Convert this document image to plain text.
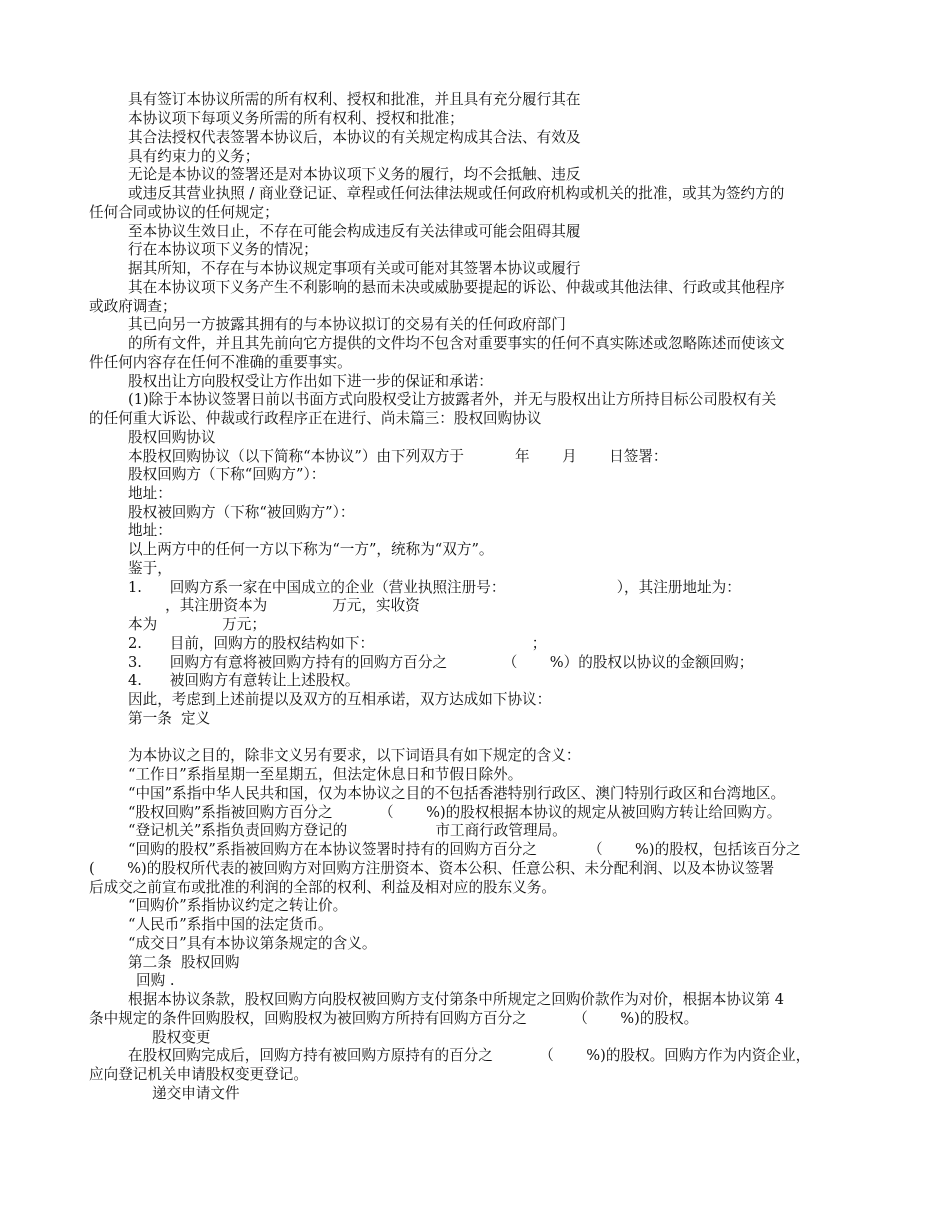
具有签订本协议所需的所有权利、授权和批准，并且具有充分履行其在
本协议项下每项义务所需的所有权利、授权和批准；
其合法授权代表签署本协议后，本协议的有关规定构成其合法、有效及
具有约束力的义务；
无论是本协议的签署还是对本协议项下义务的履行，均不会抵触、违反
或违反其营业执照 / 商业登记证、章程或任何法律法规或任何政府机构或机关的批准，或其为签约方的
任何合同或协议的任何规定；
至本协议生效日止，不存在可能会构成违反有关法律或可能会阻碍其履
行在本协议项下义务的情况；
据其所知，不存在与本协议规定事项有关或可能对其签署本协议或履行
其在本协议项下义务产生不利影响的悬而未决或威胁要提起的诉讼、仲裁或其他法律、行政或其他程序
或政府调查；
其已向另一方披露其拥有的与本协议拟订的交易有关的任何政府部门
的所有文件，并且其先前向它方提供的文件均不包含对重要事实的任何不真实陈述或忽略陈述而使该文
件任何内容存在任何不准确的重要事实。
股权出让方向股权受让方作出如下进一步的保证和承诺：
(1)除于本协议签署日前以书面方式向股权受让方披露者外，并无与股权出让方所持目标公司股权有关
的任何重大诉讼、仲裁或行政程序正在进行、尚未篇三：股权回购协议
股权回购协议
本股权回购协议（以下简称“本协议”）由下列双方于           年       月       日签署：
股权回购方（下称“回购方”）：
地址：
股权被回购方（下称“被回购方”）：
地址：
以上两方中的任何一方以下称为“一方”，统称为“双方”。
鉴于，
1.      回购方系一家在中国成立的企业（营业执照注册号：                        ），其注册地址为：
，其注册资本为              万元，实收资
本为              万元；
2.      目前，回购方的股权结构如下：                                  ；
3.      回购方有意将被回购方持有的回购方百分之            （       %）的股权以协议的金额回购；
4.      被回购方有意转让上述股权。
因此，考虑到上述前提以及双方的互相承诺，双方达成如下协议：
第一条  定义
为本协议之目的，除非文义另有要求，以下词语具有如下规定的含义：
“工作日”系指星期一至星期五，但法定休息日和节假日除外。
“中国”系指中华人民共和国，仅为本协议之目的不包括香港特别行政区、澳门特别行政区和台湾地区。
“股权回购”系指被回购方百分之          （       %)的股权根据本协议的规定从被回购方转让给回购方。
“登记机关”系指负责回购方登记的                   市工商行政管理局。
“回购的股权”系指被回购方在本协议签署时持有的回购方百分之           （       %)的股权，包括该百分之
(       %)的股权所代表的被回购方对回购方注册资本、资本公积、任意公积、未分配利润、以及本协议签署
后成交之前宣布或批准的利润的全部的权利、利益及相对应的股东义务。
“回购价”系指协议约定之转让价。
“人民币”系指中国的法定货币。
“成交日”具有本协议第条规定的含义。
第二条  股权回购
回购 .
根据本协议条款，股权回购方向股权被回购方支付第条中所规定之回购价款作为对价，根据本协议第 4
条中规定的条件回购股权，回购股权为被回购方所持有回购方百分之          （       %)的股权。
股权变更
在股权回购完成后，回购方持有被回购方原持有的百分之          （       %)的股权。回购方作为内资企业，
应向登记机关申请股权变更登记。
递交申请文件
